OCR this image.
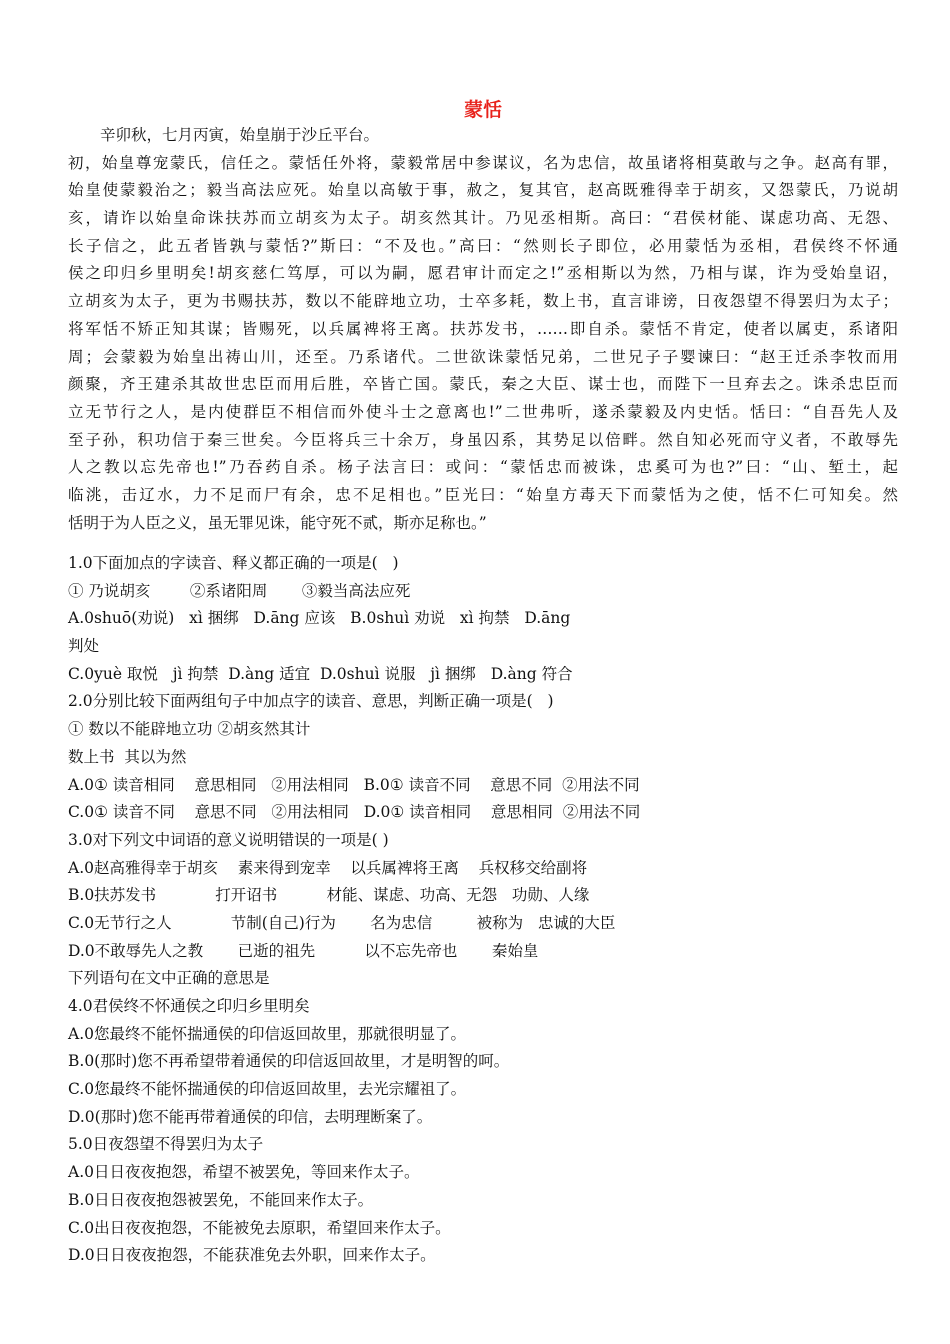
蒙恬
辛卯秋，七月丙寅，始皇崩于沙丘平台。
初，始皇尊宠蒙氏，信任之。蒙恬任外将，蒙毅常居中参谋议，名为忠信，故虽诸将相莫敢与之争。赵高有罪，
始皇使蒙毅治之；毅当高法应死。始皇以高敏于事，赦之，复其官，赵高既雅得幸于胡亥，又怨蒙氏，乃说胡
亥，请诈以始皇命诛扶苏而立胡亥为太子。胡亥然其计。乃见丞相斯。高曰：“君侯材能、谋虑功高、无怨、
长子信之，此五者皆孰与蒙恬?”斯曰：“不及也。”高曰：“然则长子即位，必用蒙恬为丞相，君侯终不怀通
侯之印归乡里明矣!胡亥慈仁笃厚，可以为嗣，愿君审计而定之!”丞相斯以为然，乃相与谋，诈为受始皇诏，
立胡亥为太子，更为书赐扶苏，数以不能辟地立功，士卒多耗，数上书，直言诽谤，日夜怨望不得罢归为太子；
将军恬不矫正知其谋；皆赐死，以兵属裨将王离。扶苏发书，……即自杀。蒙恬不肯定，使者以属吏，系诸阳
周；会蒙毅为始皇出祷山川，还至。乃系诸代。二世欲诛蒙恬兄弟，二世兄子子婴谏曰：“赵王迁杀李牧而用
颜聚，齐王建杀其故世忠臣而用后胜，卒皆亡国。蒙氏，秦之大臣、谋士也，而陛下一旦弃去之。诛杀忠臣而
立无节行之人，是内使群臣不相信而外使斗士之意离也!”二世弗听，遂杀蒙毅及内史恬。恬曰：“自吾先人及
至子孙，积功信于秦三世矣。今臣将兵三十余万，身虽囚系，其势足以倍畔。然自知必死而守义者，不敢辱先
人之教以忘先帝也!”乃吞药自杀。杨子法言曰：或问：“蒙恬忠而被诛，忠奚可为也?”曰：“山、堑土，起
临洮，击辽水，力不足而尸有余，忠不足相也。”臣光曰：“始皇方毒天下而蒙恬为之使，恬不仁可知矣。然
恬明于为人臣之义，虽无罪见诛，能守死不贰，斯亦足称也。”
1.0下面加点的字读音、释义都正确的一项是(   )
① 乃说胡亥        ②系诸阳周       ③毅当高法应死
A.0shuō(劝说)   xì 捆绑   D.āng 应该   B.0shuì 劝说   xì 拘禁   D.āng
判处
C.0yuè 取悦   jì 拘禁  D.àng 适宜  D.0shuì 说服   jì 捆绑   D.àng 符合
2.0分别比较下面两组句子中加点字的读音、意思，判断正确一项是(   )
① 数以不能辟地立功 ②胡亥然其计
数上书  其以为然
A.0① 读音相同    意思相同   ②用法相同   B.0① 读音不同    意思不同  ②用法不同
C.0① 读音不同    意思不同   ②用法相同   D.0① 读音相同    意思相同  ②用法不同
3.0对下列文中词语的意义说明错误的一项是( )
A.0赵高雅得幸于胡亥    素来得到宠幸    以兵属裨将王离    兵权移交给副将
B.0扶苏发书            打开诏书          材能、谋虑、功高、无怨   功勋、人缘
C.0无节行之人            节制(自己)行为       名为忠信         被称为   忠诚的大臣
D.0不敢辱先人之教       已逝的祖先          以不忘先帝也       秦始皇
下列语句在文中正确的意思是
4.0君侯终不怀通侯之印归乡里明矣
A.0您最终不能怀揣通侯的印信返回故里，那就很明显了。
B.0(那时)您不再希望带着通侯的印信返回故里，才是明智的呵。
C.0您最终不能怀揣通侯的印信返回故里，去光宗耀祖了。
D.0(那时)您不能再带着通侯的印信，去明理断案了。
5.0日夜怨望不得罢归为太子
A.0日日夜夜抱怨，希望不被罢免，等回来作太子。
B.0日日夜夜抱怨被罢免，不能回来作太子。
C.0出日夜夜抱怨，不能被免去原职，希望回来作太子。
D.0日日夜夜抱怨，不能获准免去外职，回来作太子。
